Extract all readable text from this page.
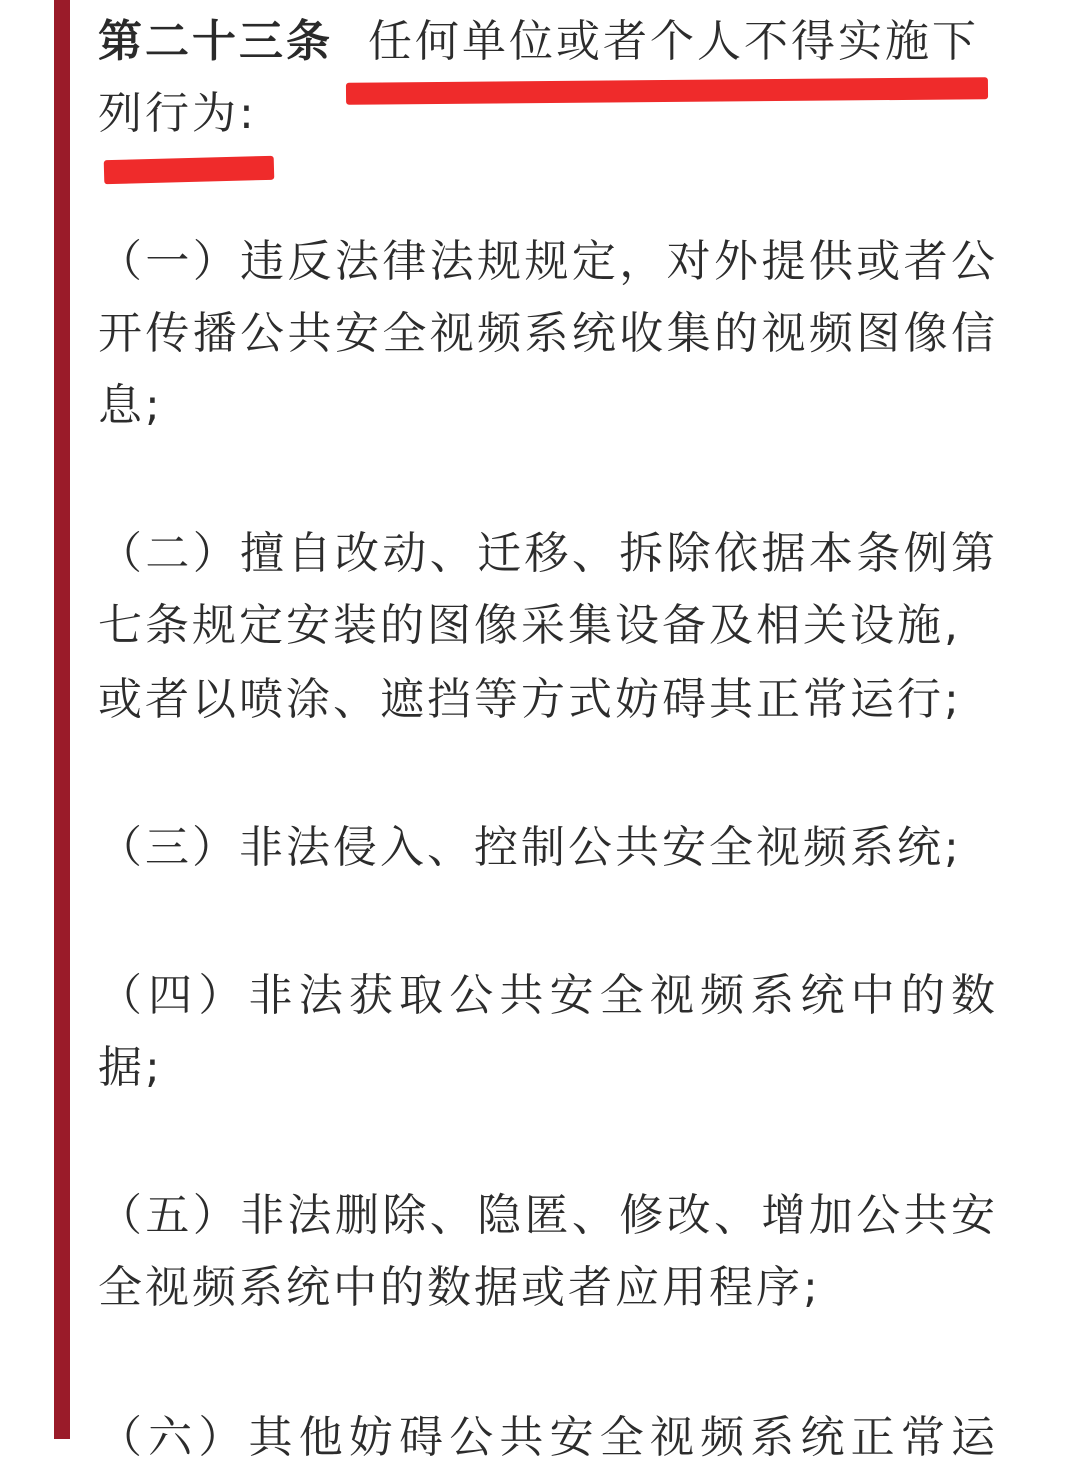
第二十三条 任何单位或者个人不得实施下
列行为:
（一）违反法律法规规定，对外提供或者公
开传播公共安全视频系统收集的视频图像信
息;
（二）擅自改动、迁移、拆除依据本条例第
七条规定安装的图像采集设备及相关设施,
或者以喷涂、遮挡等方式妨碍其正常运行;
（三）非法侵入、控制公共安全视频系统;
（四）非法获取公共安全视频系统中的数
据;
（五）非法删除、隐匿、修改、增加公共安
全视频系统中的数据或者应用程序;
（六）其他妨碍公共安全视频系统正常运
